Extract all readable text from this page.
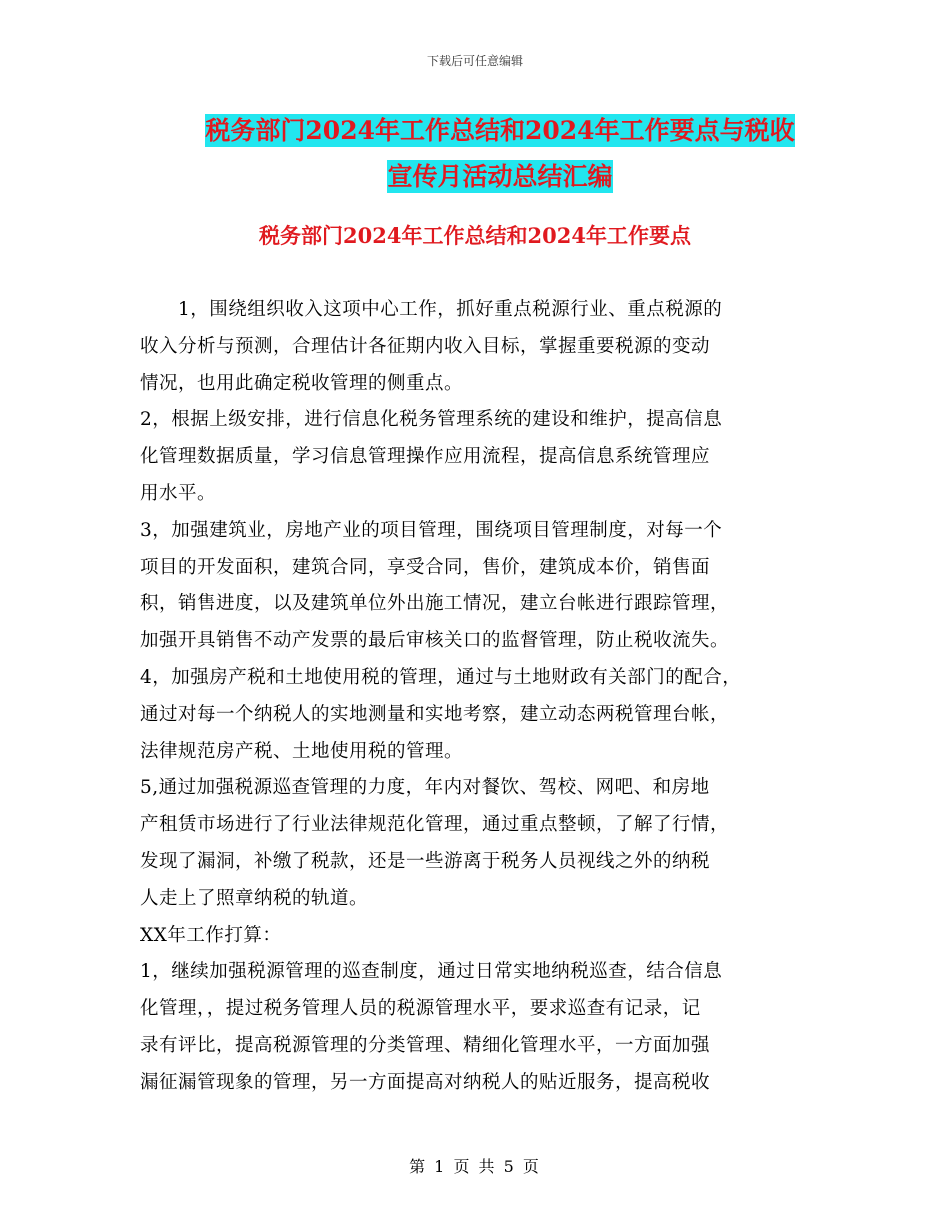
下载后可任意编辑
税务部门2024年工作总结和2024年工作要点与税收
宣传月活动总结汇编
税务部门2024年工作总结和2024年工作要点
　　1，围绕组织收入这项中心工作，抓好重点税源行业、重点税源的
收入分析与预测，合理估计各征期内收入目标，掌握重要税源的变动
情况，也用此确定税收管理的侧重点。
2，根据上级安排，进行信息化税务管理系统的建设和维护，提高信息
化管理数据质量，学习信息管理操作应用流程，提高信息系统管理应
用水平。
3，加强建筑业，房地产业的项目管理，围绕项目管理制度，对每一个
项目的开发面积，建筑合同，享受合同，售价，建筑成本价，销售面
积，销售进度，以及建筑单位外出施工情况，建立台帐进行跟踪管理，
加强开具销售不动产发票的最后审核关口的监督管理，防止税收流失。
4，加强房产税和土地使用税的管理，通过与土地财政有关部门的配合，
通过对每一个纳税人的实地测量和实地考察，建立动态两税管理台帐，
法律规范房产税、土地使用税的管理。
5,通过加强税源巡查管理的力度，年内对餐饮、驾校、网吧、和房地
产租赁市场进行了行业法律规范化管理，通过重点整顿，了解了行情，
发现了漏洞，补缴了税款，还是一些游离于税务人员视线之外的纳税
人走上了照章纳税的轨道。
XX年工作打算：
1，继续加强税源管理的巡查制度，通过日常实地纳税巡查，结合信息
化管理，，提过税务管理人员的税源管理水平，要求巡查有记录，记
录有评比，提高税源管理的分类管理、精细化管理水平，一方面加强
漏征漏管现象的管理，另一方面提高对纳税人的贴近服务，提高税收
第 1 页 共 5 页
